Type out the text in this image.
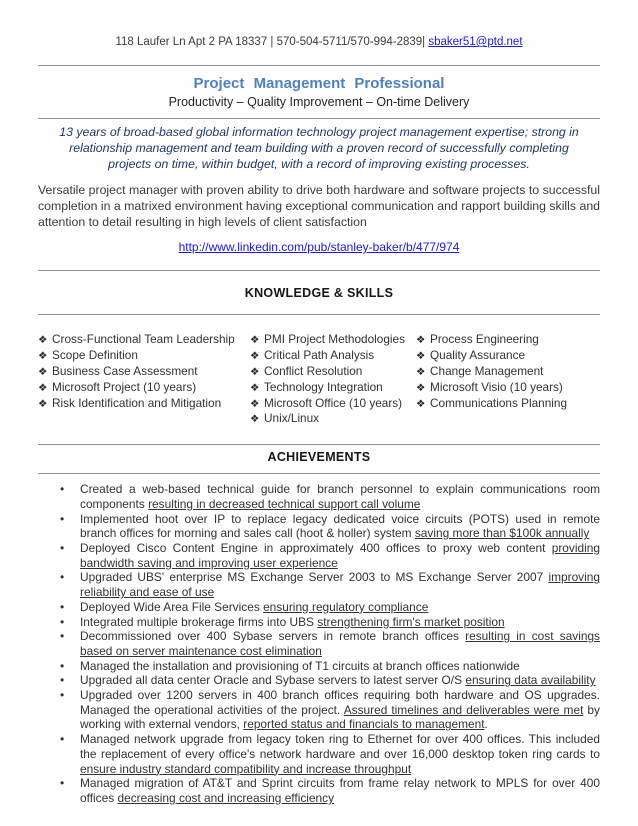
118 Laufer Ln Apt 2 PA 18337 | 570-504-5711/570-994-2839| sbaker51@ptd.net
Project Management Professional
Productivity – Quality Improvement – On-time Delivery
13 years of broad-based global information technology project management expertise; strong in relationship management and team building with a proven record of successfully completing projects on time, within budget, with a record of improving existing processes.
Versatile project manager with proven ability to drive both hardware and software projects to successful completion in a matrixed environment having exceptional communication and rapport building skills and attention to detail resulting in high levels of client satisfaction
http://www.linkedin.com/pub/stanley-baker/b/477/974
KNOWLEDGE & SKILLS
❖ Cross-Functional Team Leadership
❖ Scope Definition
❖ Business Case Assessment
❖ Microsoft Project (10 years)
❖ Risk Identification and Mitigation
❖ PMI Project Methodologies
❖ Critical Path Analysis
❖ Conflict Resolution
❖ Technology Integration
❖ Microsoft Office (10 years)
❖ Unix/Linux
❖ Process Engineering
❖ Quality Assurance
❖ Change Management
❖ Microsoft Visio (10 years)
❖ Communications Planning
ACHIEVEMENTS
•	Created a web-based technical guide for branch personnel to explain communications room components resulting in decreased technical support call volume
•	Implemented hoot over IP to replace legacy dedicated voice circuits (POTS) used in remote branch offices for morning and sales call (hoot & holler) system saving more than $100k annually
•	Deployed Cisco Content Engine in approximately 400 offices to proxy web content providing bandwidth saving and improving user experience
•	Upgraded UBS' enterprise MS Exchange Server 2003 to MS Exchange Server 2007 improving reliability and ease of use
•	Deployed Wide Area File Services ensuring regulatory compliance
•	Integrated multiple brokerage firms into UBS strengthening firm's market position
•	Decommissioned over 400 Sybase servers in remote branch offices resulting in cost savings based on server maintenance cost elimination
•	Managed the installation and provisioning of T1 circuits at branch offices nationwide
•	Upgraded all data center Oracle and Sybase servers to latest server O/S ensuring data availability
•	Upgraded over 1200 servers in 400 branch offices requiring both hardware and OS upgrades. Managed the operational activities of the project. Assured timelines and deliverables were met by working with external vendors, reported status and financials to management.
•	Managed network upgrade from legacy token ring to Ethernet for over 400 offices. This included the replacement of every office's network hardware and over 16,000 desktop token ring cards to ensure industry standard compatibility and increase throughput
•	Managed migration of AT&T and Sprint circuits from frame relay network to MPLS for over 400 offices decreasing cost and increasing efficiency
